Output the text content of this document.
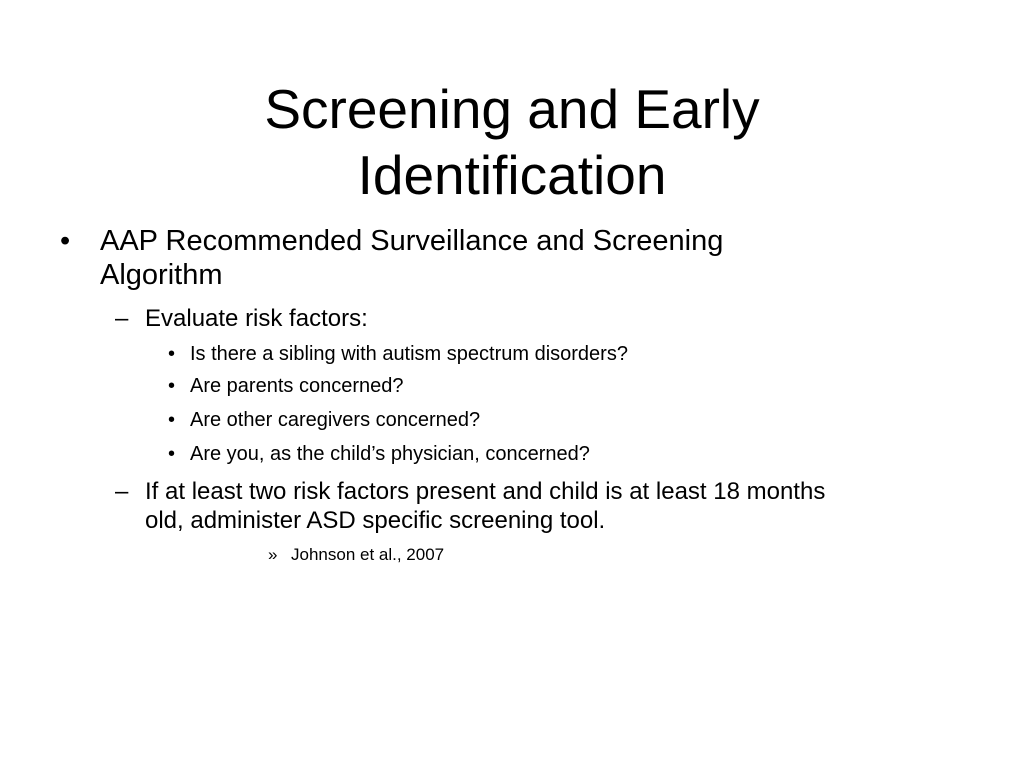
Screening and Early
Identification
•	AAP Recommended Surveillance and Screening
Algorithm
– Evaluate risk factors:
• Is there a sibling with autism spectrum disorders?
• Are parents concerned?
• Are other caregivers concerned?
• Are you, as the child’s physician, concerned?
– If at least two risk factors present and child is at least 18 months
old, administer ASD specific screening tool.
» Johnson et al., 2007
